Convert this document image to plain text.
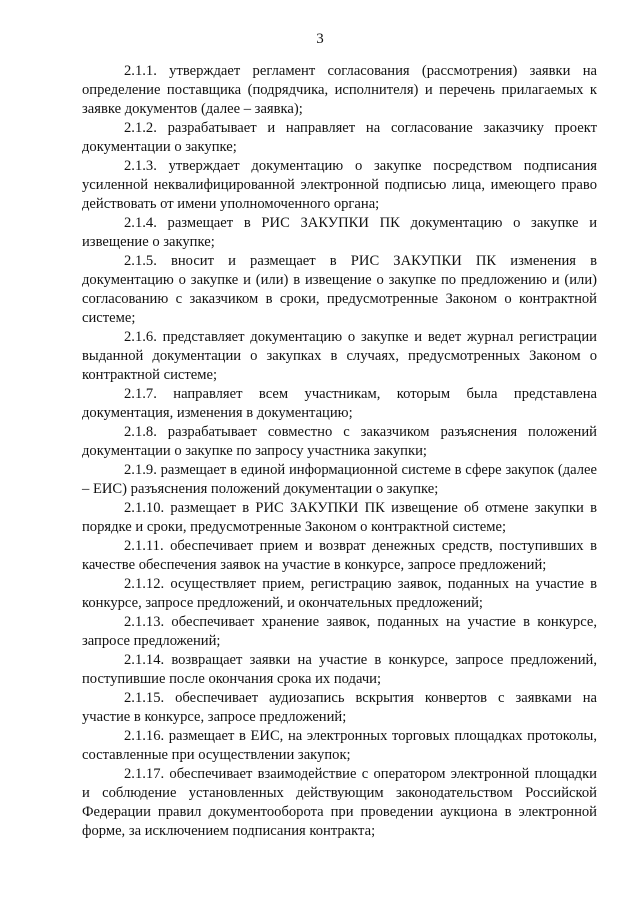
3

2.1.1. утверждает регламент согласования (рассмотрения) заявки на определение поставщика (подрядчика, исполнителя) и перечень прилагаемых к заявке документов (далее – заявка);

2.1.2. разрабатывает и направляет на согласование заказчику проект документации о закупке;

2.1.3. утверждает документацию о закупке посредством подписания усиленной неквалифицированной электронной подписью лица, имеющего право действовать от имени уполномоченного органа;

2.1.4. размещает в РИС ЗАКУПКИ ПК документацию о закупке и извещение о закупке;

2.1.5. вносит и размещает в РИС ЗАКУПКИ ПК изменения в документацию о закупке и (или) в извещение о закупке по предложению и (или) согласованию с заказчиком в сроки, предусмотренные Законом о контрактной системе;

2.1.6. представляет документацию о закупке и ведет журнал регистрации выданной документации о закупках в случаях, предусмотренных Законом о контрактной системе;

2.1.7. направляет всем участникам, которым была представлена документация, изменения в документацию;

2.1.8. разрабатывает совместно с заказчиком разъяснения положений документации о закупке по запросу участника закупки;

2.1.9. размещает в единой информационной системе в сфере закупок (далее – ЕИС) разъяснения положений документации о закупке;

2.1.10. размещает в РИС ЗАКУПКИ ПК извещение об отмене закупки в порядке и сроки, предусмотренные Законом о контрактной системе;

2.1.11. обеспечивает прием и возврат денежных средств, поступивших в качестве обеспечения заявок на участие в конкурсе, запросе предложений;

2.1.12. осуществляет прием, регистрацию заявок, поданных на участие в конкурсе, запросе предложений, и окончательных предложений;

2.1.13. обеспечивает хранение заявок, поданных на участие в конкурсе, запросе предложений;

2.1.14. возвращает заявки на участие в конкурсе, запросе предложений, поступившие после окончания срока их подачи;

2.1.15. обеспечивает аудиозапись вскрытия конвертов с заявками на участие в конкурсе, запросе предложений;

2.1.16. размещает в ЕИС, на электронных торговых площадках протоколы, составленные при осуществлении закупок;

2.1.17. обеспечивает взаимодействие с оператором электронной площадки и соблюдение установленных действующим законодательством Российской Федерации правил документооборота при проведении аукциона в электронной форме, за исключением подписания контракта;
